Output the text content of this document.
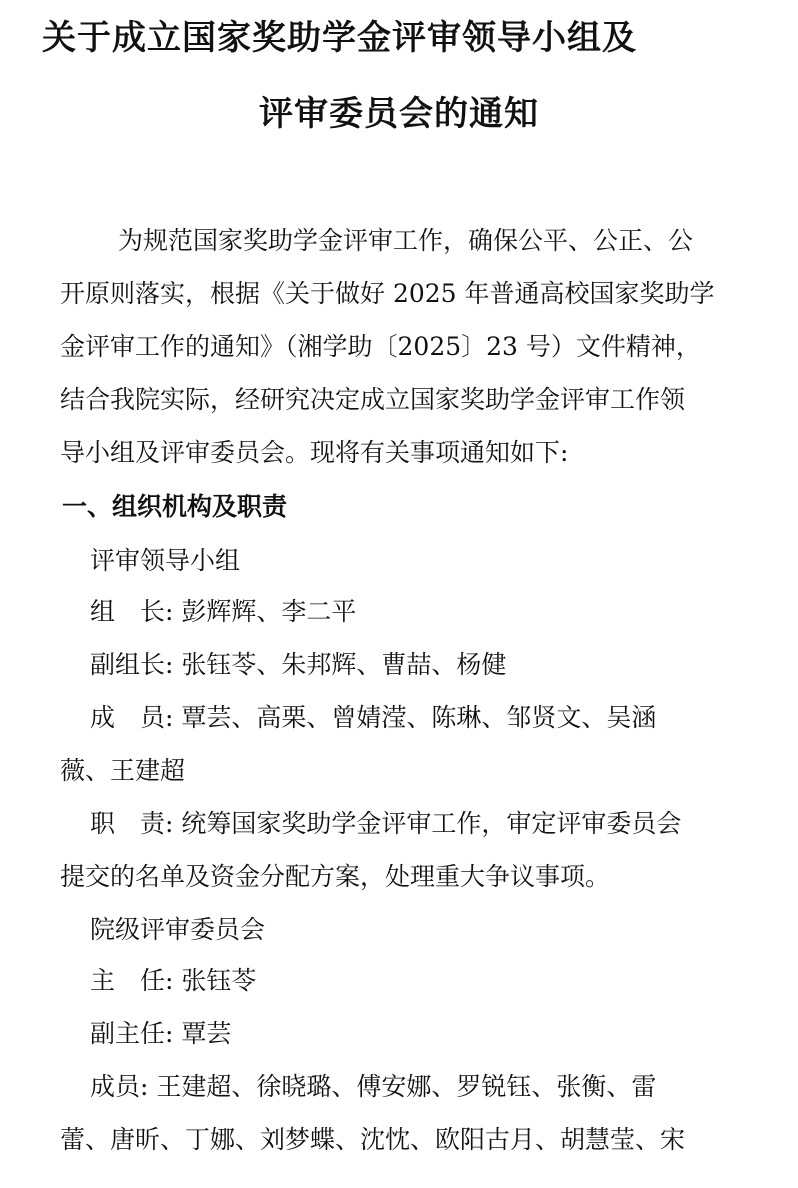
关于成立国家奖助学金评审领导小组及
评审委员会的通知

为规范国家奖助学金评审工作，确保公平、公正、公

开原则落实，根据《关于做好 2025 年普通高校国家奖助学

金评审工作的通知》（湘学助〔2025〕23 号）文件精神，

结合我院实际，经研究决定成立国家奖助学金评审工作领

导小组及评审委员会。现将有关事项通知如下:

一、组织机构及职责

评审领导小组

组　长: 彭辉辉、李二平

副组长: 张钰苓、朱邦辉、曹喆、杨健

成　员: 覃芸、高栗、曾婧滢、陈琳、邹贤文、吴涵

薇、王建超

职　责: 统筹国家奖助学金评审工作，审定评审委员会

提交的名单及资金分配方案，处理重大争议事项。

院级评审委员会

主　任: 张钰苓

副主任: 覃芸

成员: 王建超、徐晓璐、傅安娜、罗锐钰、张衡、雷

蕾、唐昕、丁娜、刘梦蝶、沈忱、欧阳古月、胡慧莹、宋
